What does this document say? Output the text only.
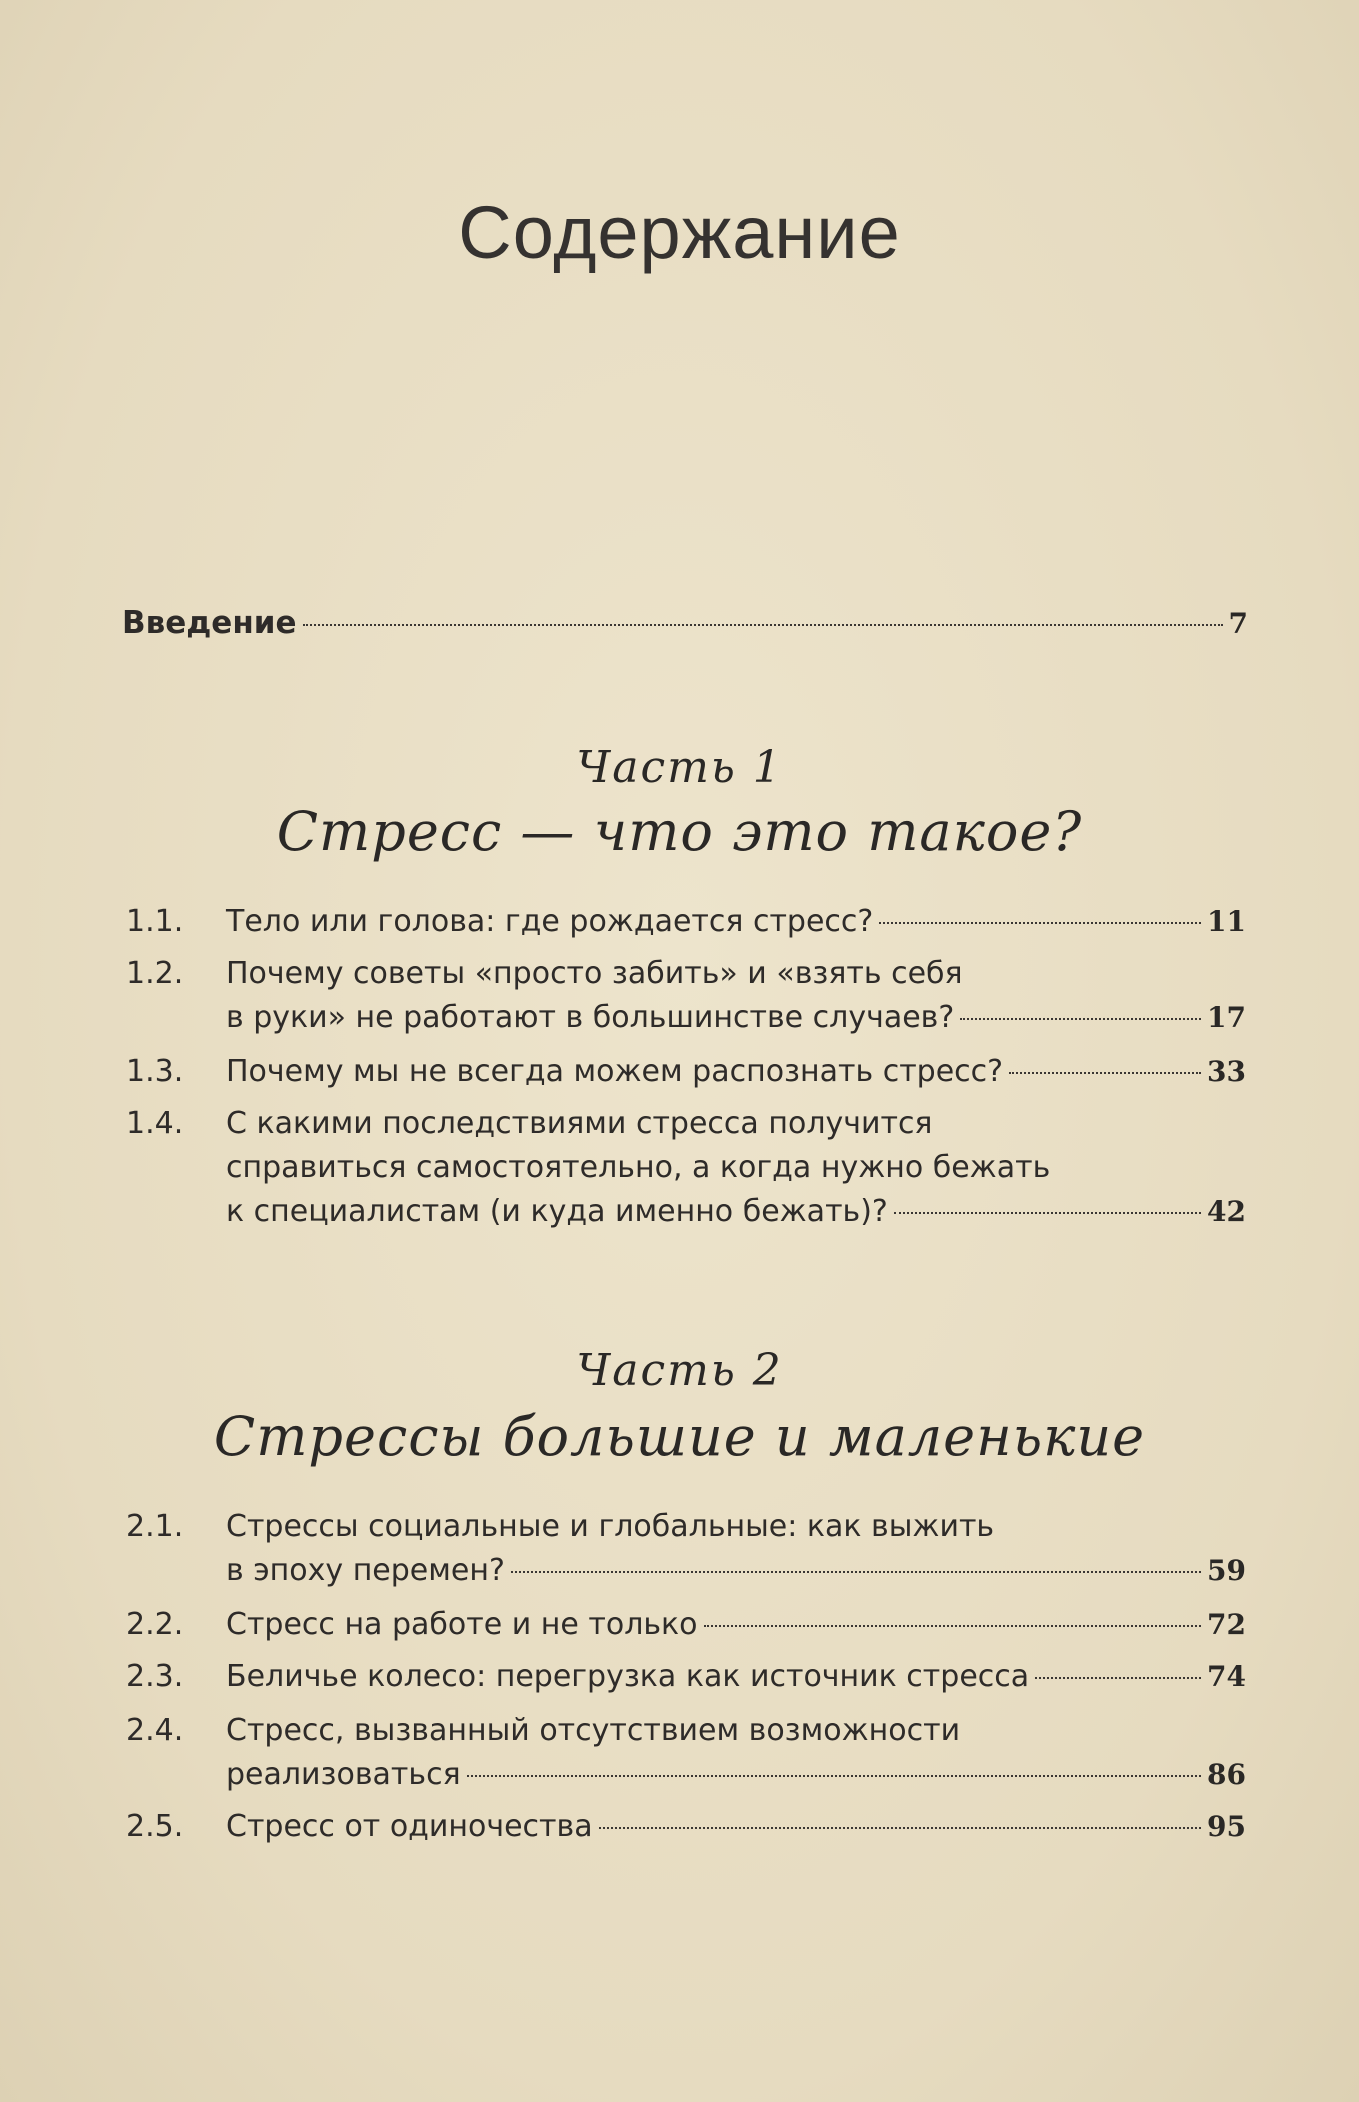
Содержание
Введение	7
Часть 1
Стресс — что это такое?
1.1.	Тело или голова: где рождается стресс?	11
1.2.	Почему советы «просто забить» и «взять себя
в руки» не работают в большинстве случаев?	17
1.3.	Почему мы не всегда можем распознать стресс?	33
1.4.	С какими последствиями стресса получится
справиться самостоятельно, а когда нужно бежать
к специалистам (и куда именно бежать)?	42
Часть 2
Стрессы большие и маленькие
2.1.	Стрессы социальные и глобальные: как выжить
в эпоху перемен?	59
2.2.	Стресс на работе и не только	72
2.3.	Беличье колесо: перегрузка как источник стресса	74
2.4.	Стресс, вызванный отсутствием возможности
реализоваться	86
2.5.	Стресс от одиночества	95
